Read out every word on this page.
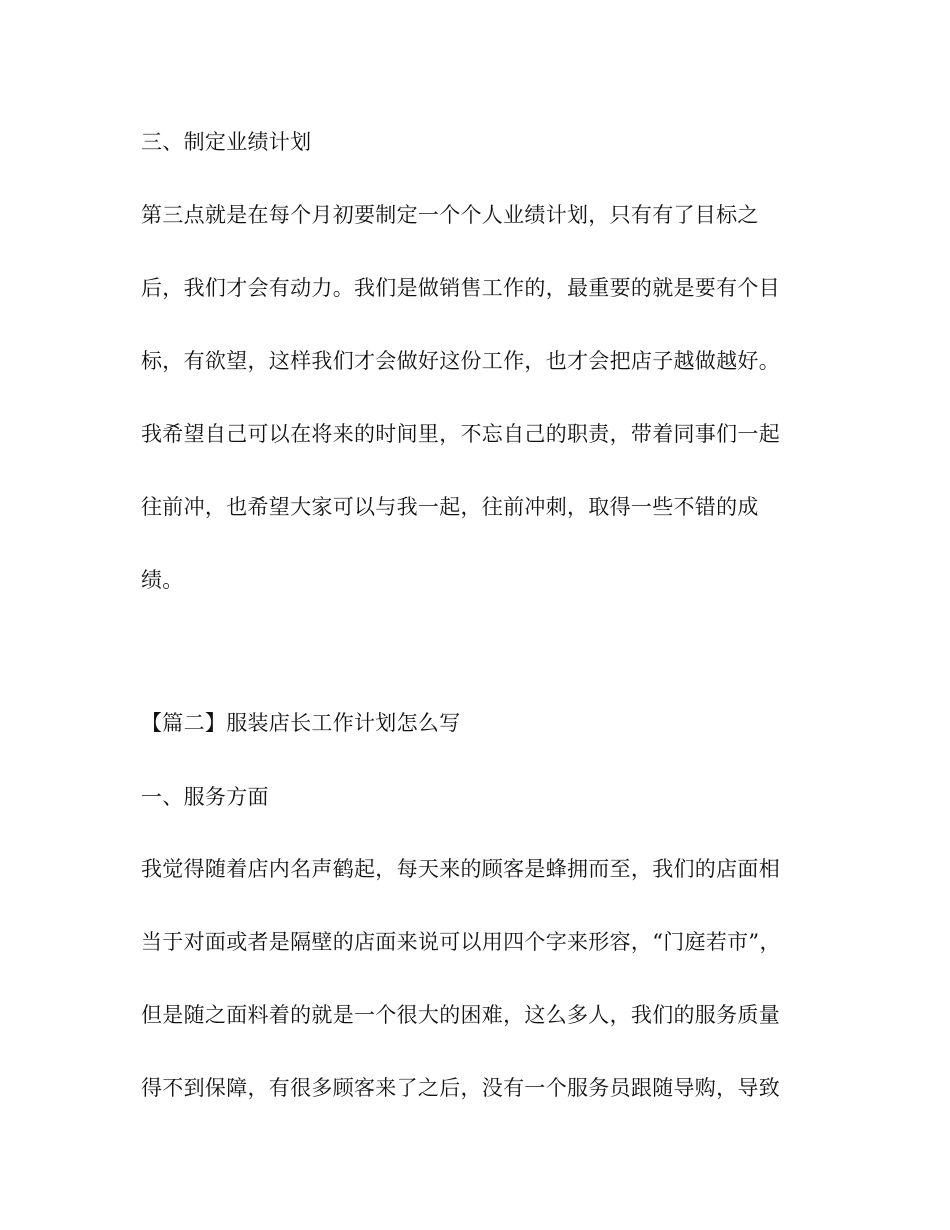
三、制定业绩计划
第三点就是在每个月初要制定一个个人业绩计划，只有有了目标之
后，我们才会有动力。我们是做销售工作的，最重要的就是要有个目
标，有欲望，这样我们才会做好这份工作，也才会把店子越做越好。
我希望自己可以在将来的时间里，不忘自己的职责，带着同事们一起
往前冲，也希望大家可以与我一起，往前冲刺，取得一些不错的成
绩。
【篇二】服装店长工作计划怎么写
一、服务方面
我觉得随着店内名声鹤起，每天来的顾客是蜂拥而至，我们的店面相
当于对面或者是隔壁的店面来说可以用四个字来形容，“门庭若市”，
但是随之面料着的就是一个很大的困难，这么多人，我们的服务质量
得不到保障，有很多顾客来了之后，没有一个服务员跟随导购，导致
